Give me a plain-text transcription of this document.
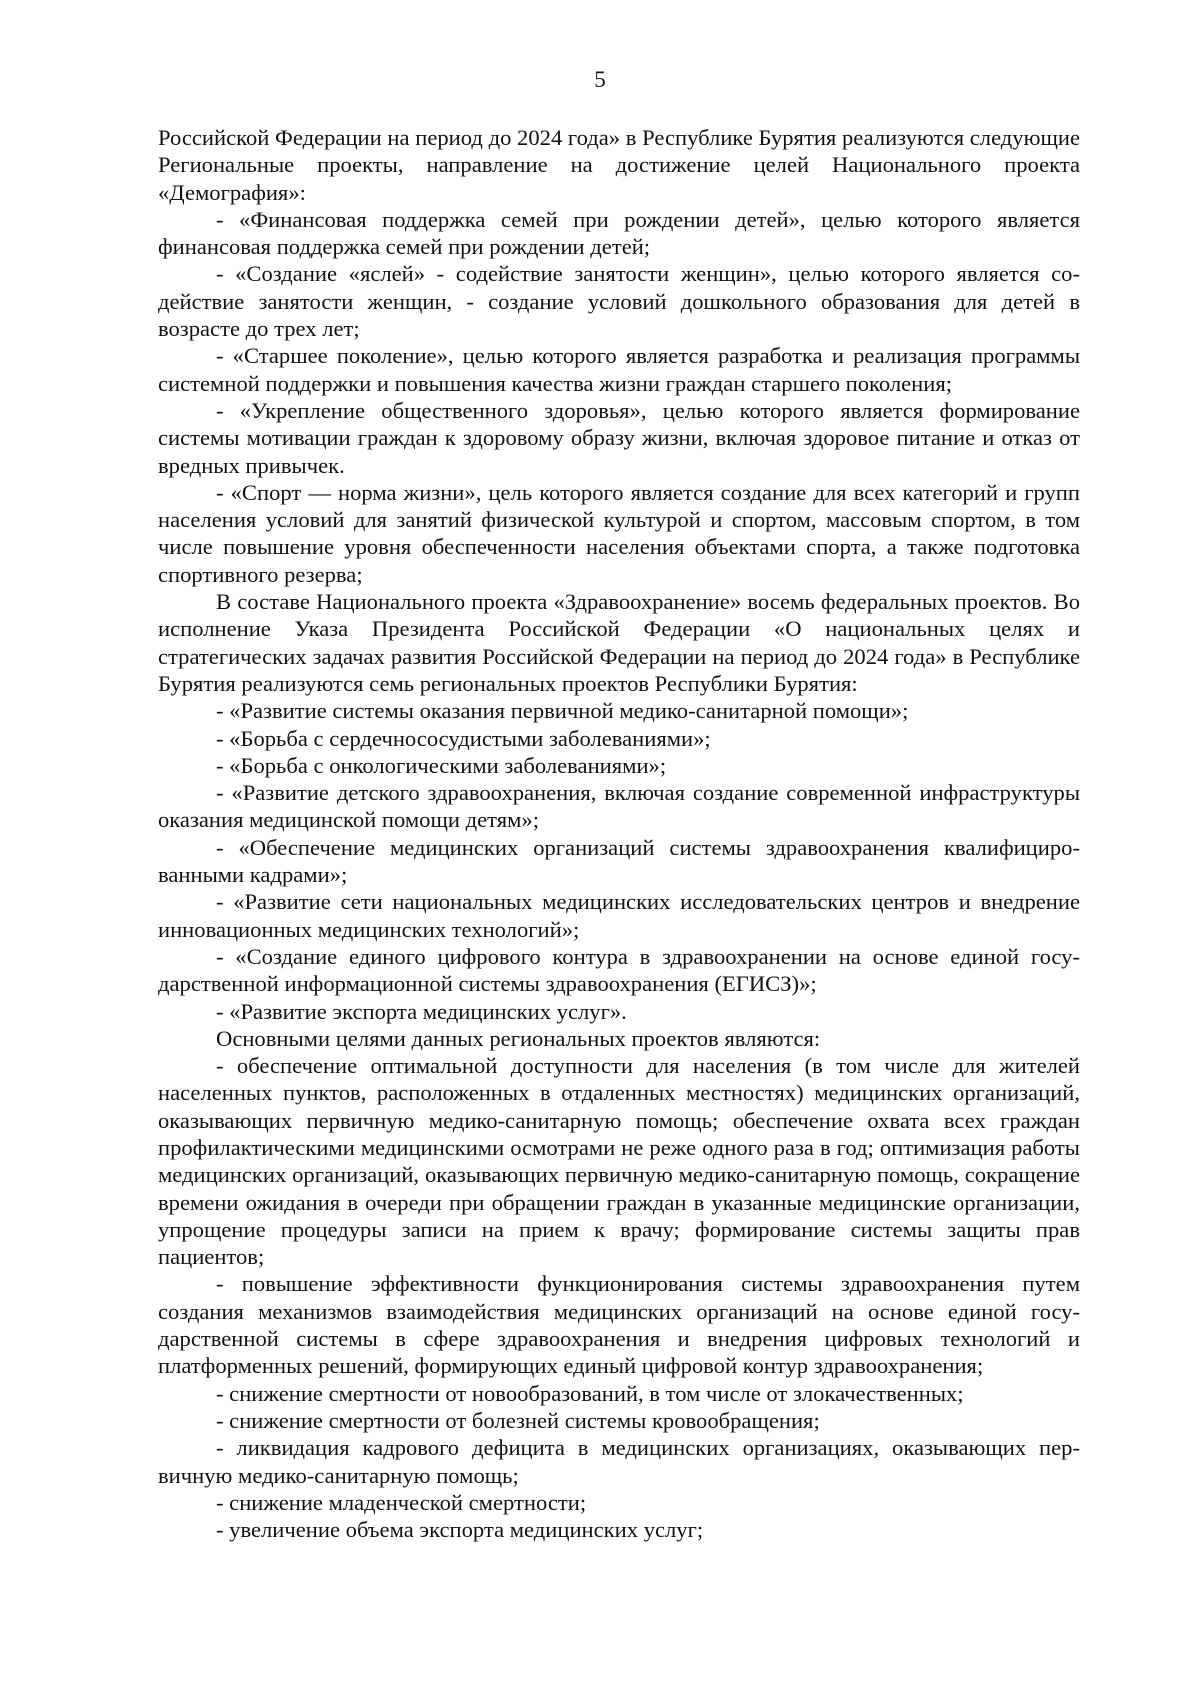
5

Российской Федерации на период до 2024 года» в Республике Бурятия реализуются следующие Региональные проекты, направление на достижение целей Национального проекта «Демография»:

- «Финансовая поддержка семей при рождении детей», целью которого является финансовая поддержка семей при рождении детей;

- «Создание «яслей» - содействие занятости женщин», целью которого является содействие занятости женщин, - создание условий дошкольного образования для детей в возрасте до трех лет;

- «Старшее поколение», целью которого является разработка и реализация программы системной поддержки и повышения качества жизни граждан старшего поколения;

- «Укрепление общественного здоровья», целью которого является формирование системы мотивации граждан к здоровому образу жизни, включая здоровое питание и отказ от вредных привычек.

- «Спорт — норма жизни», цель которого является создание для всех категорий и групп населения условий для занятий физической культурой и спортом, массовым спортом, в том числе повышение уровня обеспеченности населения объектами спорта, а также подготовка спортивного резерва;

В составе Национального проекта «Здравоохранение» восемь федеральных проектов. Во исполнение Указа Президента Российской Федерации «О национальных целях и стратегических задачах развития Российской Федерации на период до 2024 года» в Республике Бурятия реализуются семь региональных проектов Республики Бурятия:

- «Развитие системы оказания первичной медико-санитарной помощи»;

- «Борьба с сердечнососудистыми заболеваниями»;

- «Борьба с онкологическими заболеваниями»;

- «Развитие детского здравоохранения, включая создание современной инфраструктуры оказания медицинской помощи детям»;

- «Обеспечение медицинских организаций системы здравоохранения квалифицированными кадрами»;

- «Развитие сети национальных медицинских исследовательских центров и внедрение инновационных медицинских технологий»;

- «Создание единого цифрового контура в здравоохранении на основе единой государственной информационной системы здравоохранения (ЕГИСЗ)»;

- «Развитие экспорта медицинских услуг».

Основными целями данных региональных проектов являются:

- обеспечение оптимальной доступности для населения (в том числе для жителей населенных пунктов, расположенных в отдаленных местностях) медицинских организаций, оказывающих первичную медико-санитарную помощь; обеспечение охвата всех граждан профилактическими медицинскими осмотрами не реже одного раза в год; оптимизация работы медицинских организаций, оказывающих первичную медико-санитарную помощь, сокращение времени ожидания в очереди при обращении граждан в указанные медицинские организации, упрощение процедуры записи на прием к врачу; формирование системы защиты прав пациентов;

- повышение эффективности функционирования системы здравоохранения путем создания механизмов взаимодействия медицинских организаций на основе единой государственной системы в сфере здравоохранения и внедрения цифровых технологий и платформенных решений, формирующих единый цифровой контур здравоохранения;

- снижение смертности от новообразований, в том числе от злокачественных;

- снижение смертности от болезней системы кровообращения;

- ликвидация кадрового дефицита в медицинских организациях, оказывающих первичную медико-санитарную помощь;

- снижение младенческой смертности;

- увеличение объема экспорта медицинских услуг;
